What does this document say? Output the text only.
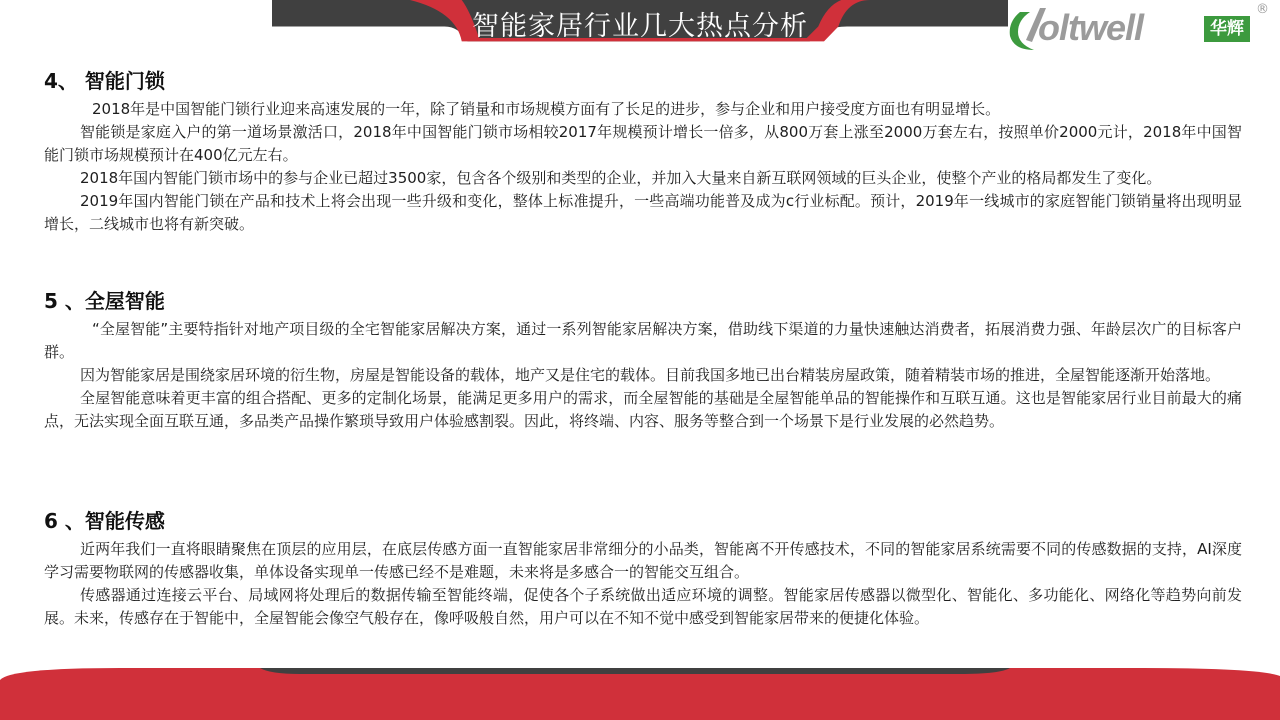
智能家居行业几大热点分析	oltwell	华辉
®
4、 智能门锁

2018年是中国智能门锁行业迎来高速发展的一年，除了销量和市场规模方面有了长足的进步，参与企业和用户接受度方面也有明显增长。

智能锁是家庭入户的第一道场景激活口，2018年中国智能门锁市场相较2017年规模预计增长一倍多，从800万套上涨至2000万套左右，按照单价2000元计，2018年中国智能门锁市场规模预计在400亿元左右。

2018年国内智能门锁市场中的参与企业已超过3500家，包含各个级别和类型的企业，并加入大量来自新互联网领域的巨头企业，使整个产业的格局都发生了变化。

2019年国内智能门锁在产品和技术上将会出现一些升级和变化，整体上标准提升，一些高端功能普及成为c行业标配。预计，2019年一线城市的家庭智能门锁销量将出现明显增长，二线城市也将有新突破。

5 、全屋智能

“全屋智能”主要特指针对地产项目级的全宅智能家居解决方案，通过一系列智能家居解决方案，借助线下渠道的力量快速触达消费者，拓展消费力强、年龄层次广的目标客户群。

因为智能家居是围绕家居环境的衍生物，房屋是智能设备的载体，地产又是住宅的载体。目前我国多地已出台精装房屋政策，随着精装市场的推进，全屋智能逐渐开始落地。

全屋智能意味着更丰富的组合搭配、更多的定制化场景，能满足更多用户的需求，而全屋智能的基础是全屋智能单品的智能操作和互联互通。这也是智能家居行业目前最大的痛点，无法实现全面互联互通，多品类产品操作繁琐导致用户体验感割裂。因此，将终端、内容、服务等整合到一个场景下是行业发展的必然趋势。

6 、智能传感

近两年我们一直将眼睛聚焦在顶层的应用层，在底层传感方面一直智能家居非常细分的小品类，智能离不开传感技术，不同的智能家居系统需要不同的传感数据的支持，AI深度学习需要物联网的传感器收集，单体设备实现单一传感已经不是难题，未来将是多感合一的智能交互组合。

传感器通过连接云平台、局域网将处理后的数据传输至智能终端，促使各个子系统做出适应环境的调整。智能家居传感器以微型化、智能化、多功能化、网络化等趋势向前发展。未来，传感存在于智能中，全屋智能会像空气般存在，像呼吸般自然，用户可以在不知不觉中感受到智能家居带来的便捷化体验。
